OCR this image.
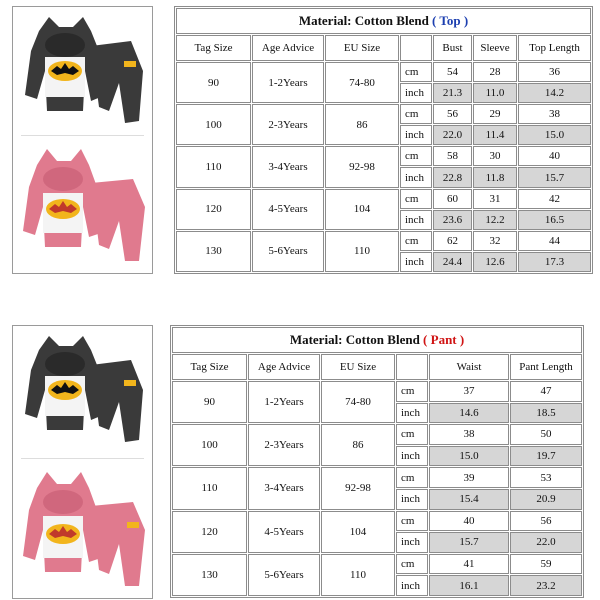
Material: Cotton Blend ( Top )						
Tag Size	Age Advice	EU Size		Bust	Sleeve	Top Length
90	1-2Years	74-80	cm	54	28	36
			inch	21.3	11.0	14.2
100	2-3Years	86	cm	56	29	38
			inch	22.0	11.4	15.0
110	3-4Years	92-98	cm	58	30	40
			inch	22.8	11.8	15.7
120	4-5Years	104	cm	60	31	42
			inch	23.6	12.2	16.5
130	5-6Years	110	cm	62	32	44
			inch	24.4	12.6	17.3
Material: Cotton Blend ( Pant )					
Tag Size	Age Advice	EU Size		Waist	Pant Length
90	1-2Years	74-80	cm	37	47
			inch	14.6	18.5
100	2-3Years	86	cm	38	50
			inch	15.0	19.7
110	3-4Years	92-98	cm	39	53
			inch	15.4	20.9
120	4-5Years	104	cm	40	56
			inch	15.7	22.0
130	5-6Years	110	cm	41	59
			inch	16.1	23.2
